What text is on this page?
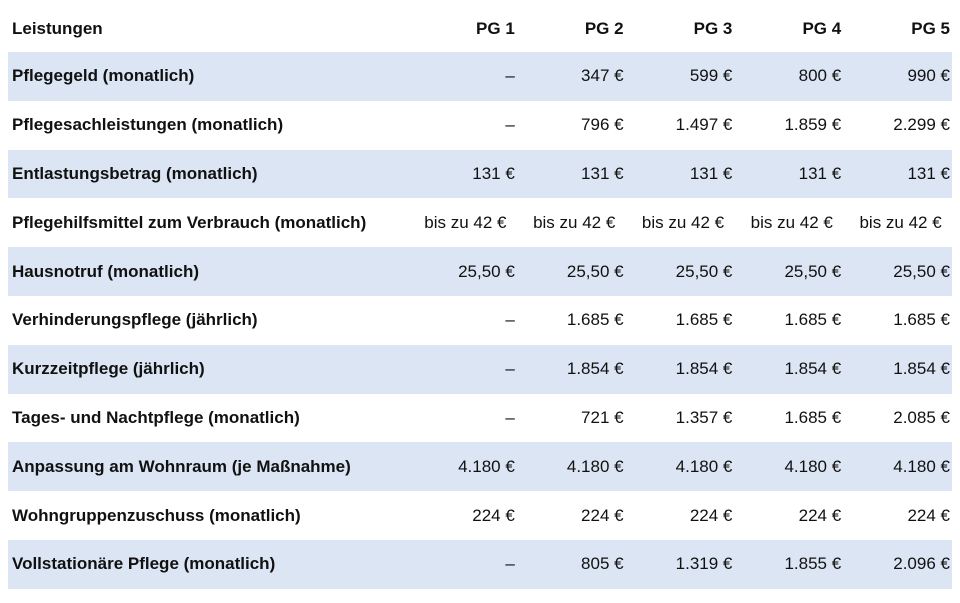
Leistungen	PG 1	PG 2	PG 3	PG 4	PG 5
Pflegegeld (monatlich)	–	347 €	599 €	800 €	990 €
Pflegesachleistungen (monatlich)	–	796 €	1.497 €	1.859 €	2.299 €
Entlastungsbetrag (monatlich)	131 €	131 €	131 €	131 €	131 €
Pflegehilfsmittel zum Verbrauch (monatlich)	bis zu 42 €	bis zu 42 €	bis zu 42 €	bis zu 42 €	bis zu 42 €
Hausnotruf (monatlich)	25,50 €	25,50 €	25,50 €	25,50 €	25,50 €
Verhinderungspflege (jährlich)	–	1.685 €	1.685 €	1.685 €	1.685 €
Kurzzeitpflege (jährlich)	–	1.854 €	1.854 €	1.854 €	1.854 €
Tages- und Nachtpflege (monatlich)	–	721 €	1.357 €	1.685 €	2.085 €
Anpassung am Wohnraum (je Maßnahme)	4.180 €	4.180 €	4.180 €	4.180 €	4.180 €
Wohngruppenzuschuss (monatlich)	224 €	224 €	224 €	224 €	224 €
Vollstationäre Pflege (monatlich)	–	805 €	1.319 €	1.855 €	2.096 €
